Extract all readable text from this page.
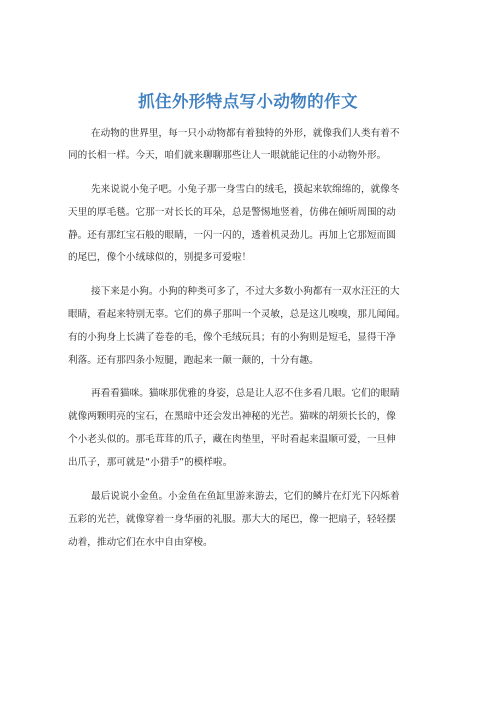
抓住外形特点写小动物的作文
在动物的世界里，每一只小动物都有着独特的外形，就像我们人类有着不
同的长相一样。今天，咱们就来聊聊那些让人一眼就能记住的小动物外形。
先来说说小兔子吧。小兔子那一身雪白的绒毛，摸起来软绵绵的，就像冬
天里的厚毛毯。它那一对长长的耳朵，总是警惕地竖着，仿佛在倾听周围的动
静。还有那红宝石般的眼睛，一闪一闪的，透着机灵劲儿。再加上它那短而圆
的尾巴，像个小绒球似的，别提多可爱啦！
接下来是小狗。小狗的种类可多了，不过大多数小狗都有一双水汪汪的大
眼睛，看起来特别无辜。它们的鼻子那叫一个灵敏，总是这儿嗅嗅，那儿闻闻。
有的小狗身上长满了卷卷的毛，像个毛绒玩具；有的小狗则是短毛，显得干净
利落。还有那四条小短腿，跑起来一颠一颠的，十分有趣。
再看看猫咪。猫咪那优雅的身姿，总是让人忍不住多看几眼。它们的眼睛
就像两颗明亮的宝石，在黑暗中还会发出神秘的光芒。猫咪的胡须长长的，像
个小老头似的。那毛茸茸的爪子，藏在肉垫里，平时看起来温顺可爱，一旦伸
出爪子，那可就是“小猎手”的模样啦。
最后说说小金鱼。小金鱼在鱼缸里游来游去，它们的鳞片在灯光下闪烁着
五彩的光芒，就像穿着一身华丽的礼服。那大大的尾巴，像一把扇子，轻轻摆
动着，推动它们在水中自由穿梭。
